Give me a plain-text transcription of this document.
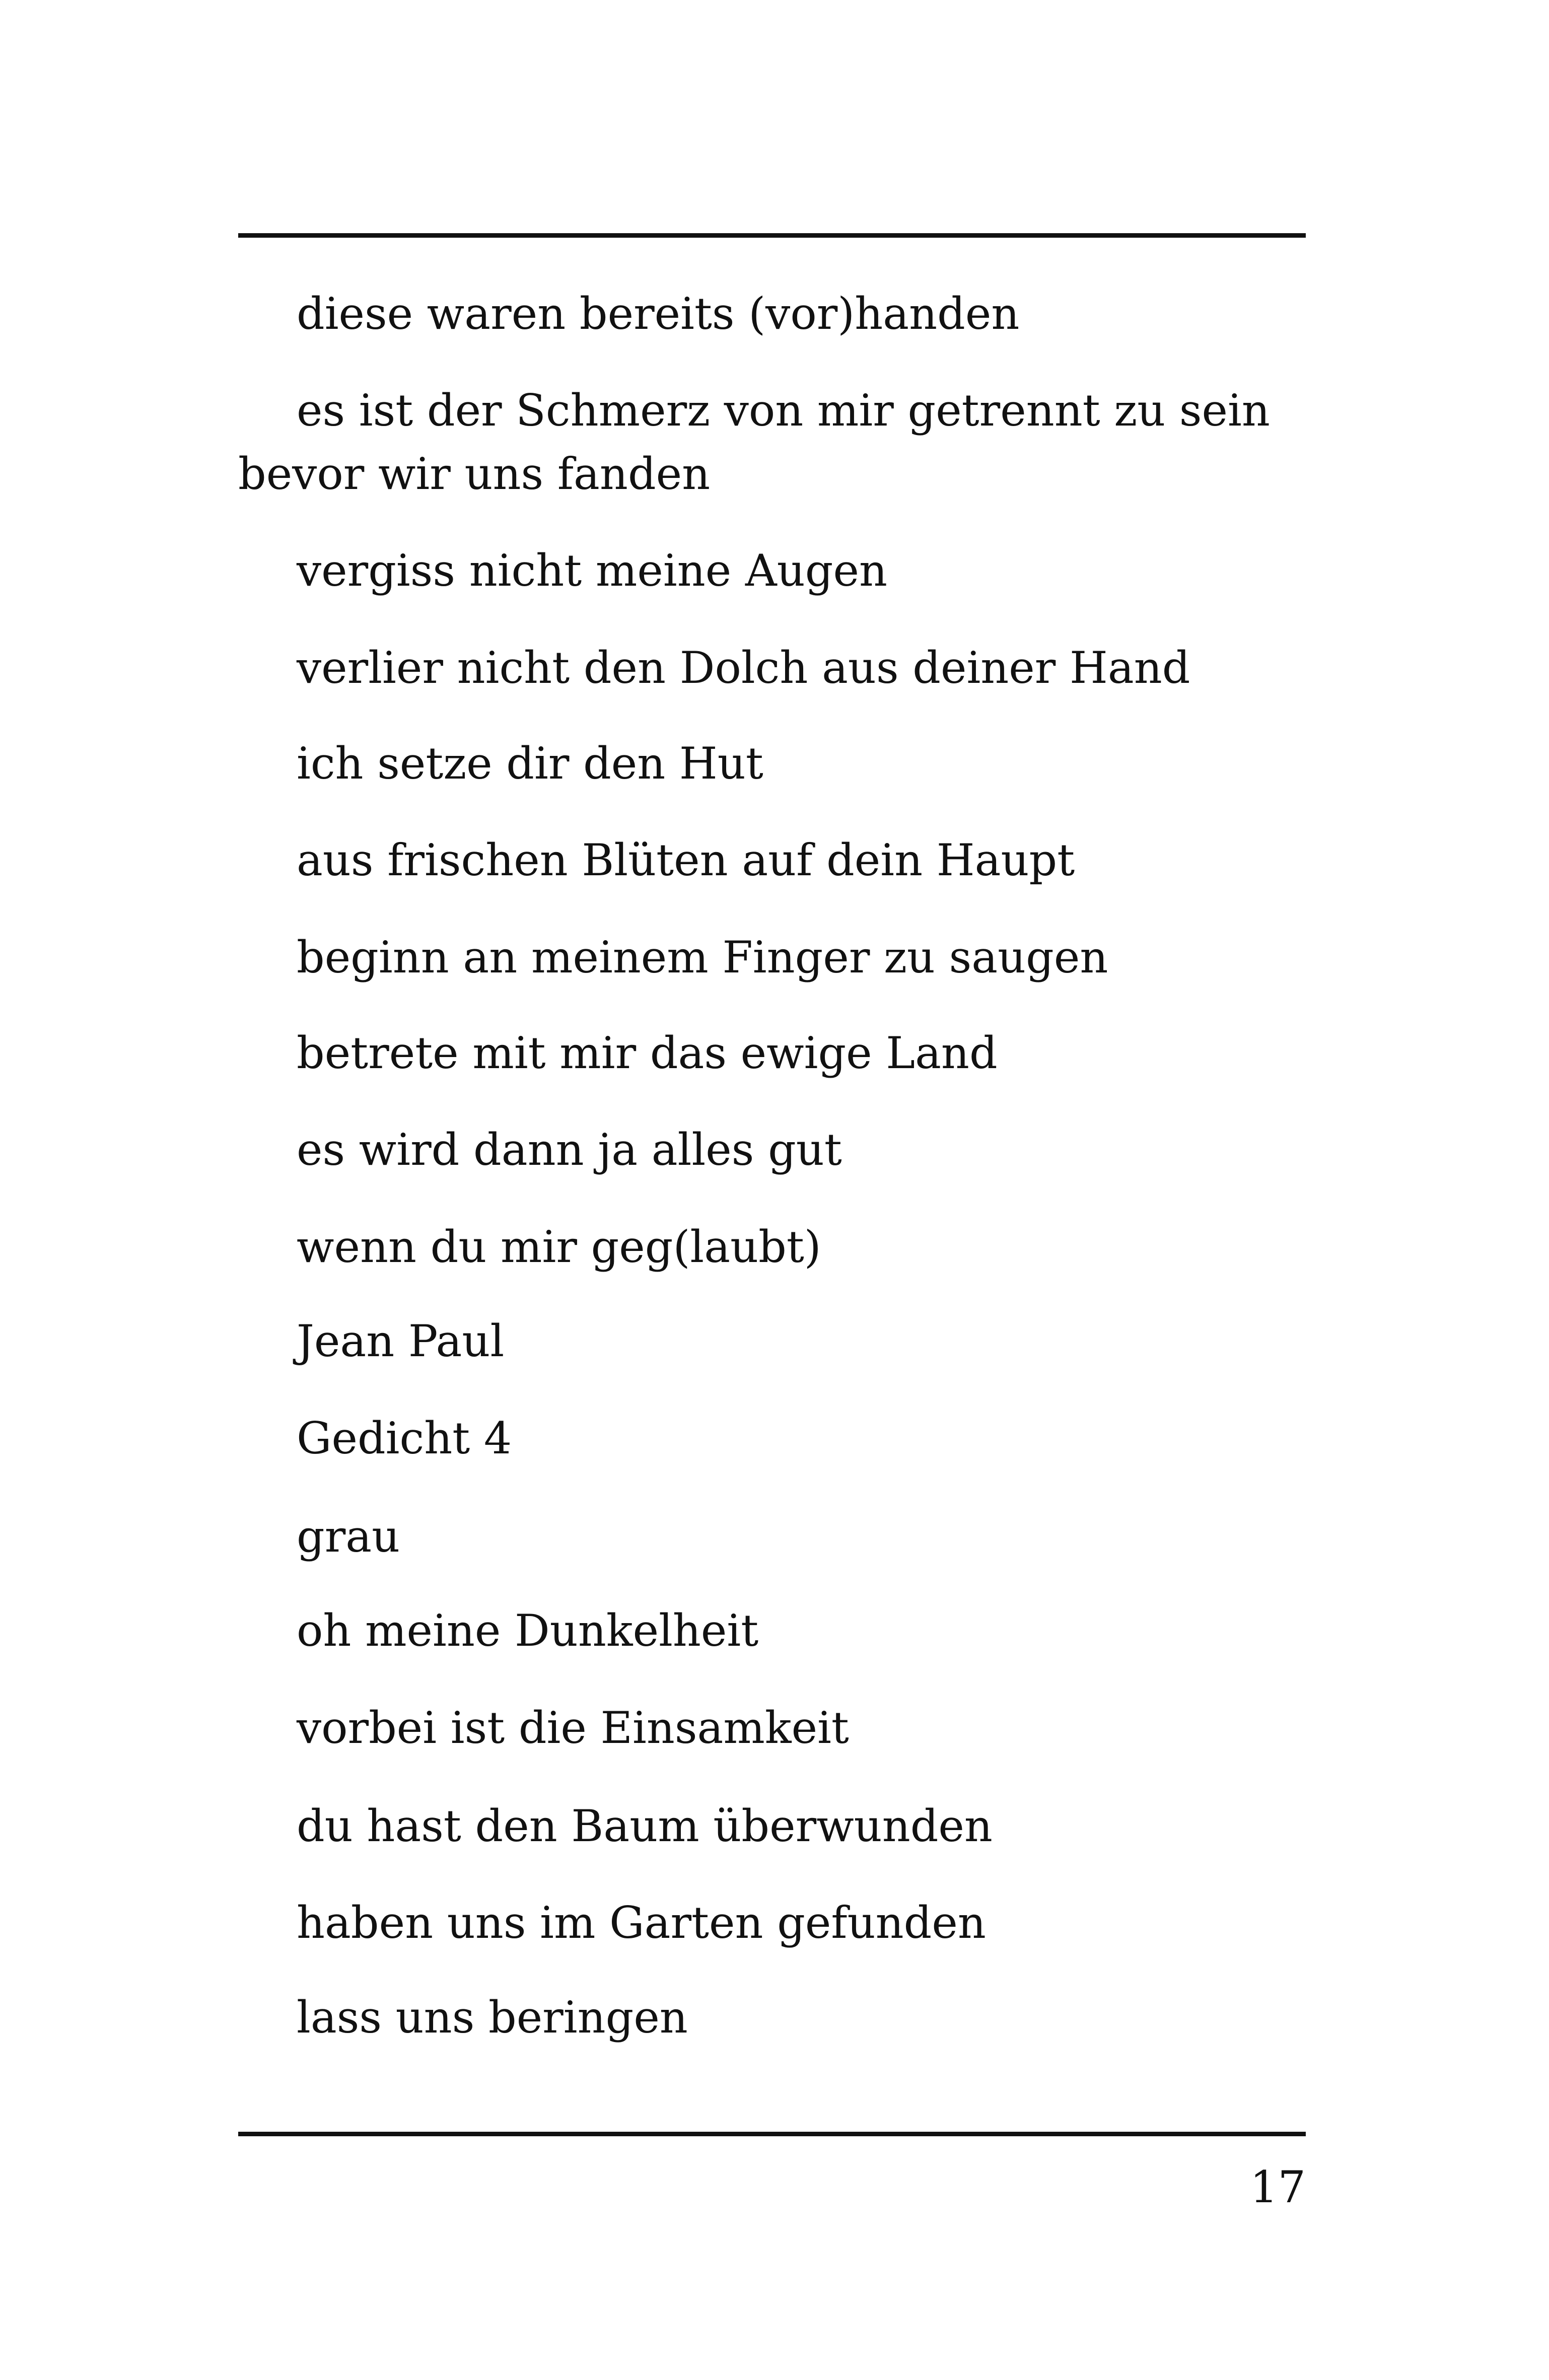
diese waren bereits (vor)handen

es ist der Schmerz von mir getrennt zu sein bevor wir uns fanden

vergiss nicht meine Augen

verlier nicht den Dolch aus deiner Hand

ich setze dir den Hut

aus frischen Blüten auf dein Haupt

beginn an meinem Finger zu saugen

betrete mit mir das ewige Land

es wird dann ja alles gut

wenn du mir geg(laubt)

Jean Paul

Gedicht 4

grau

oh meine Dunkelheit

vorbei ist die Einsamkeit

du hast den Baum überwunden

haben uns im Garten gefunden

lass uns beringen

17
